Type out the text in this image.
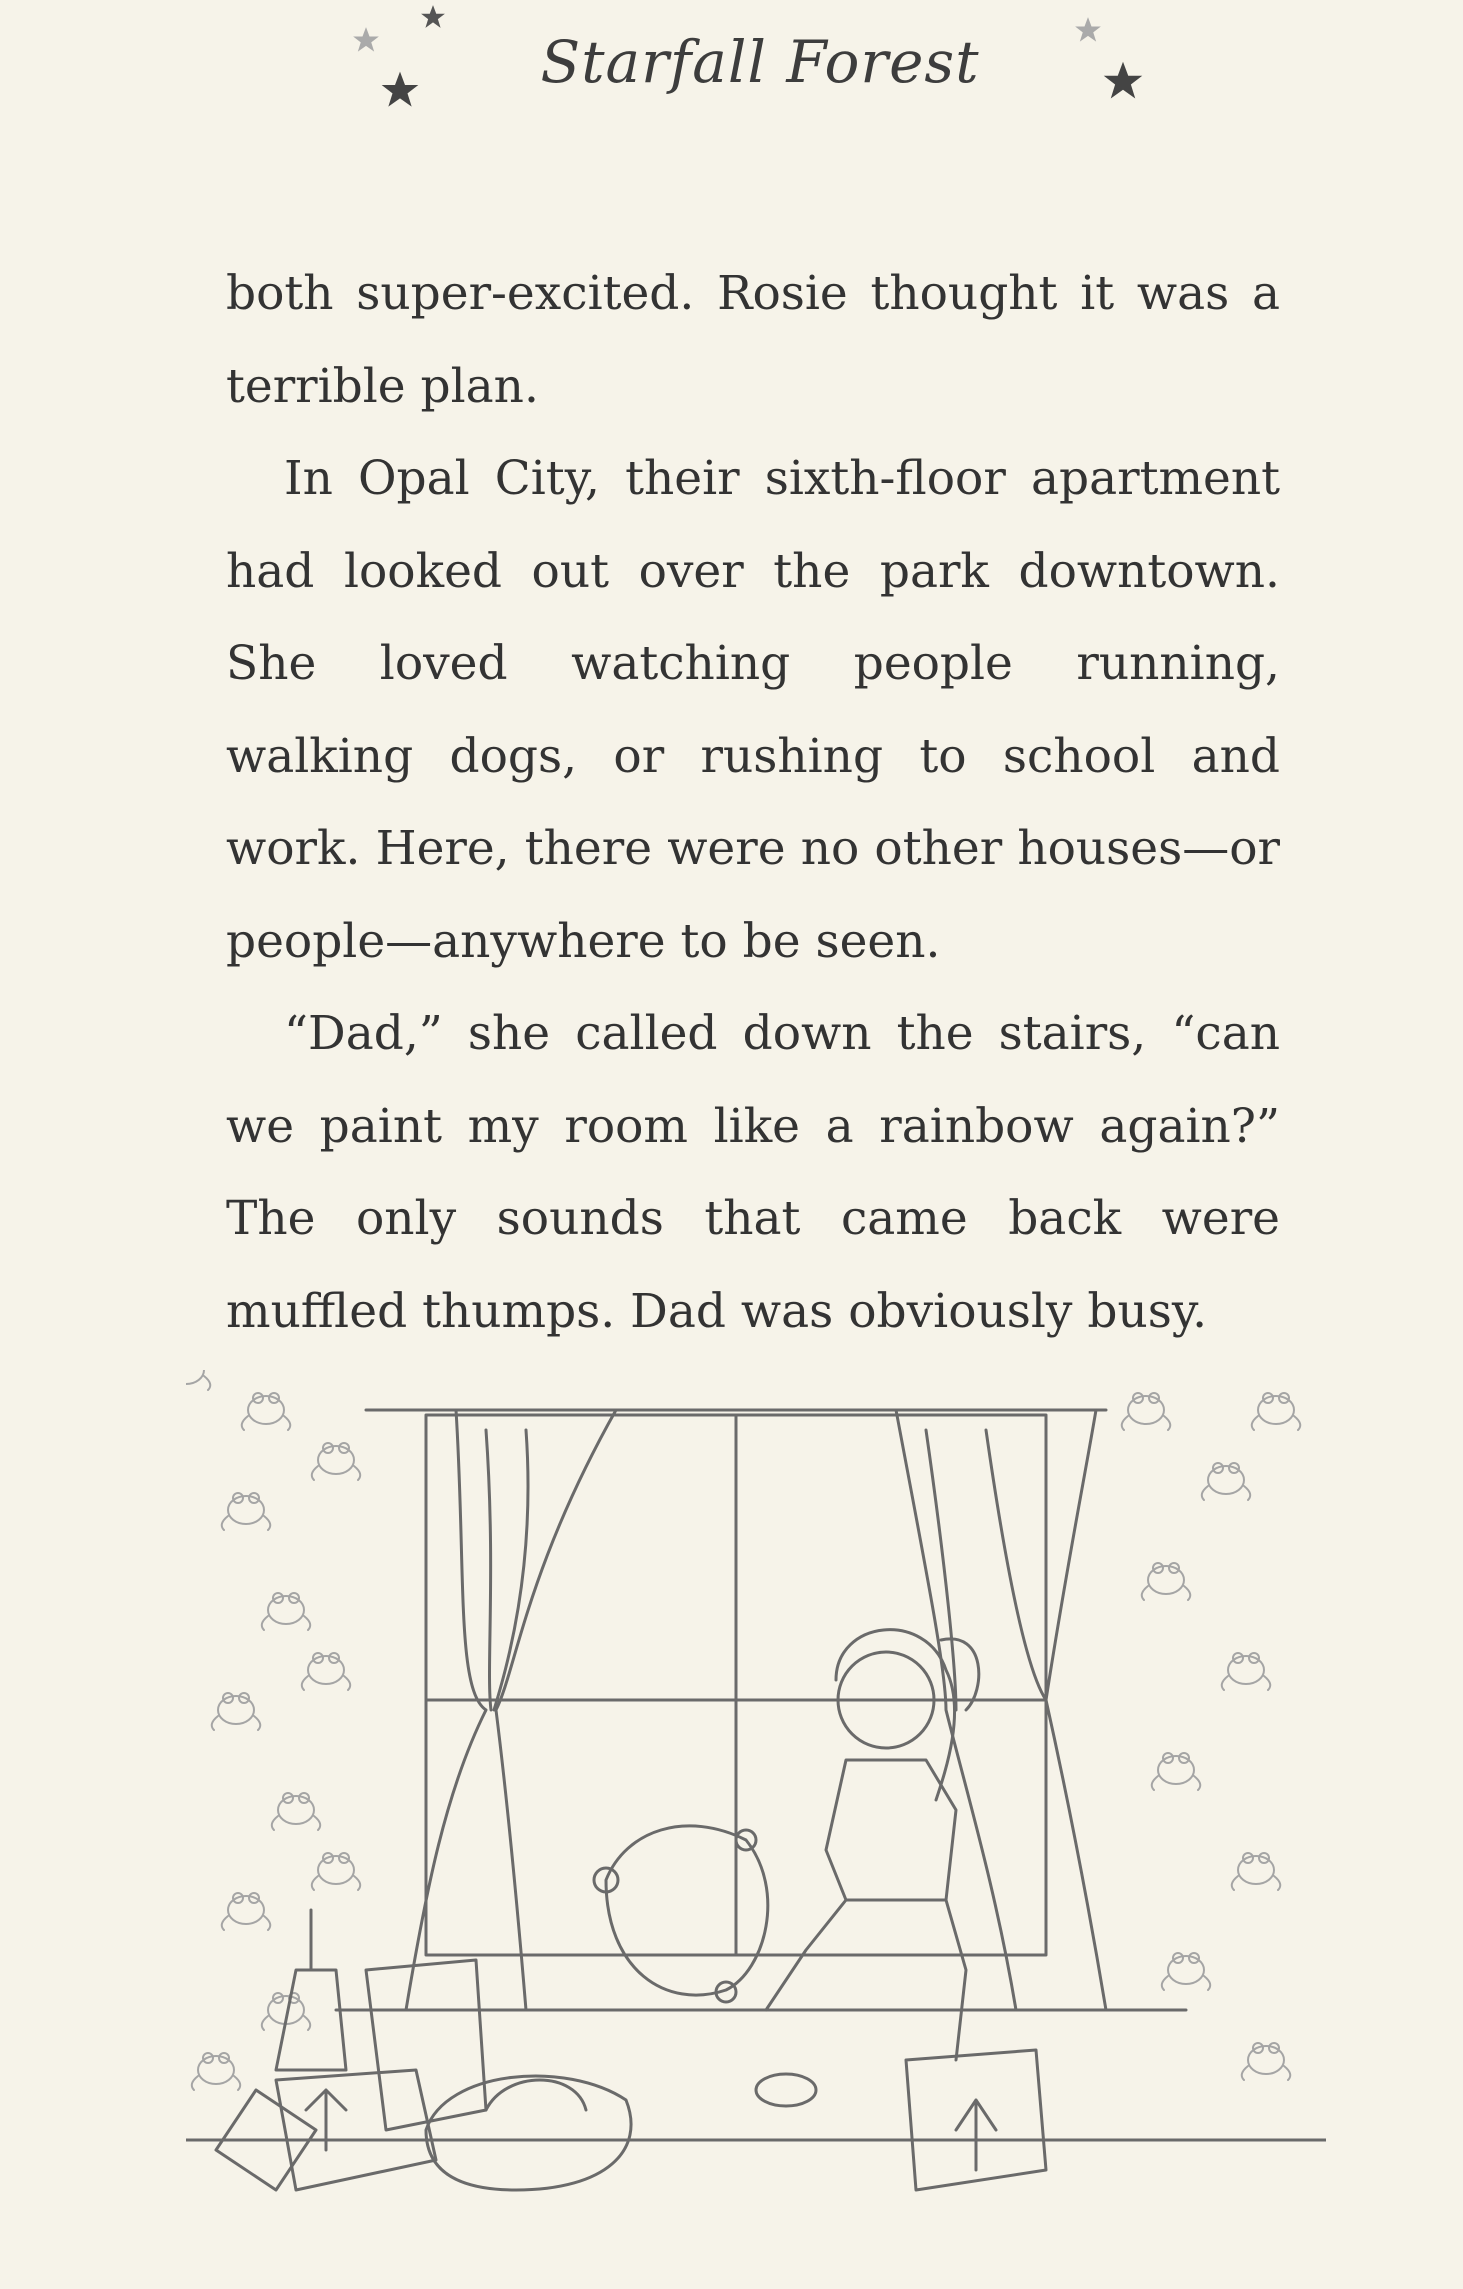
Starfall Forest

both super-excited. Rosie thought it was a terrible plan.

In Opal City, their sixth-floor apartment had looked out over the park downtown. She loved watching people running, walking dogs, or rushing to school and work. Here, there were no other houses—or people—anywhere to be seen.

“Dad,” she called down the stairs, “can we paint my room like a rainbow again?” The only sounds that came back were muffled thumps. Dad was obviously busy.
